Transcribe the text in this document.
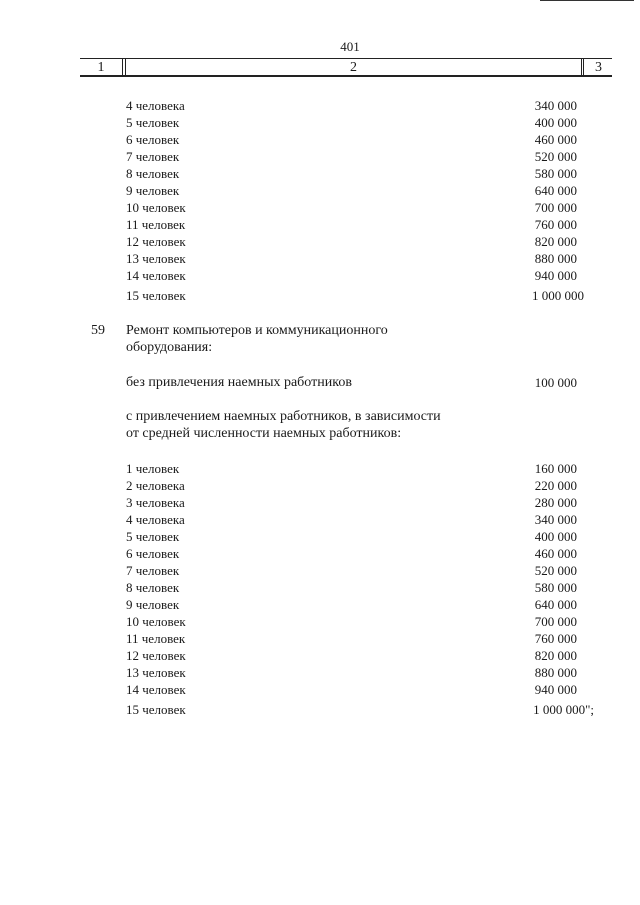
401
1	2	3
4 человека	340 000
5 человек	400 000
6 человек	460 000
7 человек	520 000
8 человек	580 000
9 человек	640 000
10 человек	700 000
11 человек	760 000
12 человек	820 000
13 человек	880 000
14 человек	940 000
15 человек	1 000 000
59 Ремонт компьютеров и коммуникационного
оборудования:
без привлечения наемных работников	100 000
с привлечением наемных работников, в зависимости
от средней численности наемных работников:
1 человек	160 000
2 человека	220 000
3 человека	280 000
4 человека	340 000
5 человек	400 000
6 человек	460 000
7 человек	520 000
8 человек	580 000
9 человек	640 000
10 человек	700 000
11 человек	760 000
12 человек	820 000
13 человек	880 000
14 человек	940 000
15 человек	1 000 000";
